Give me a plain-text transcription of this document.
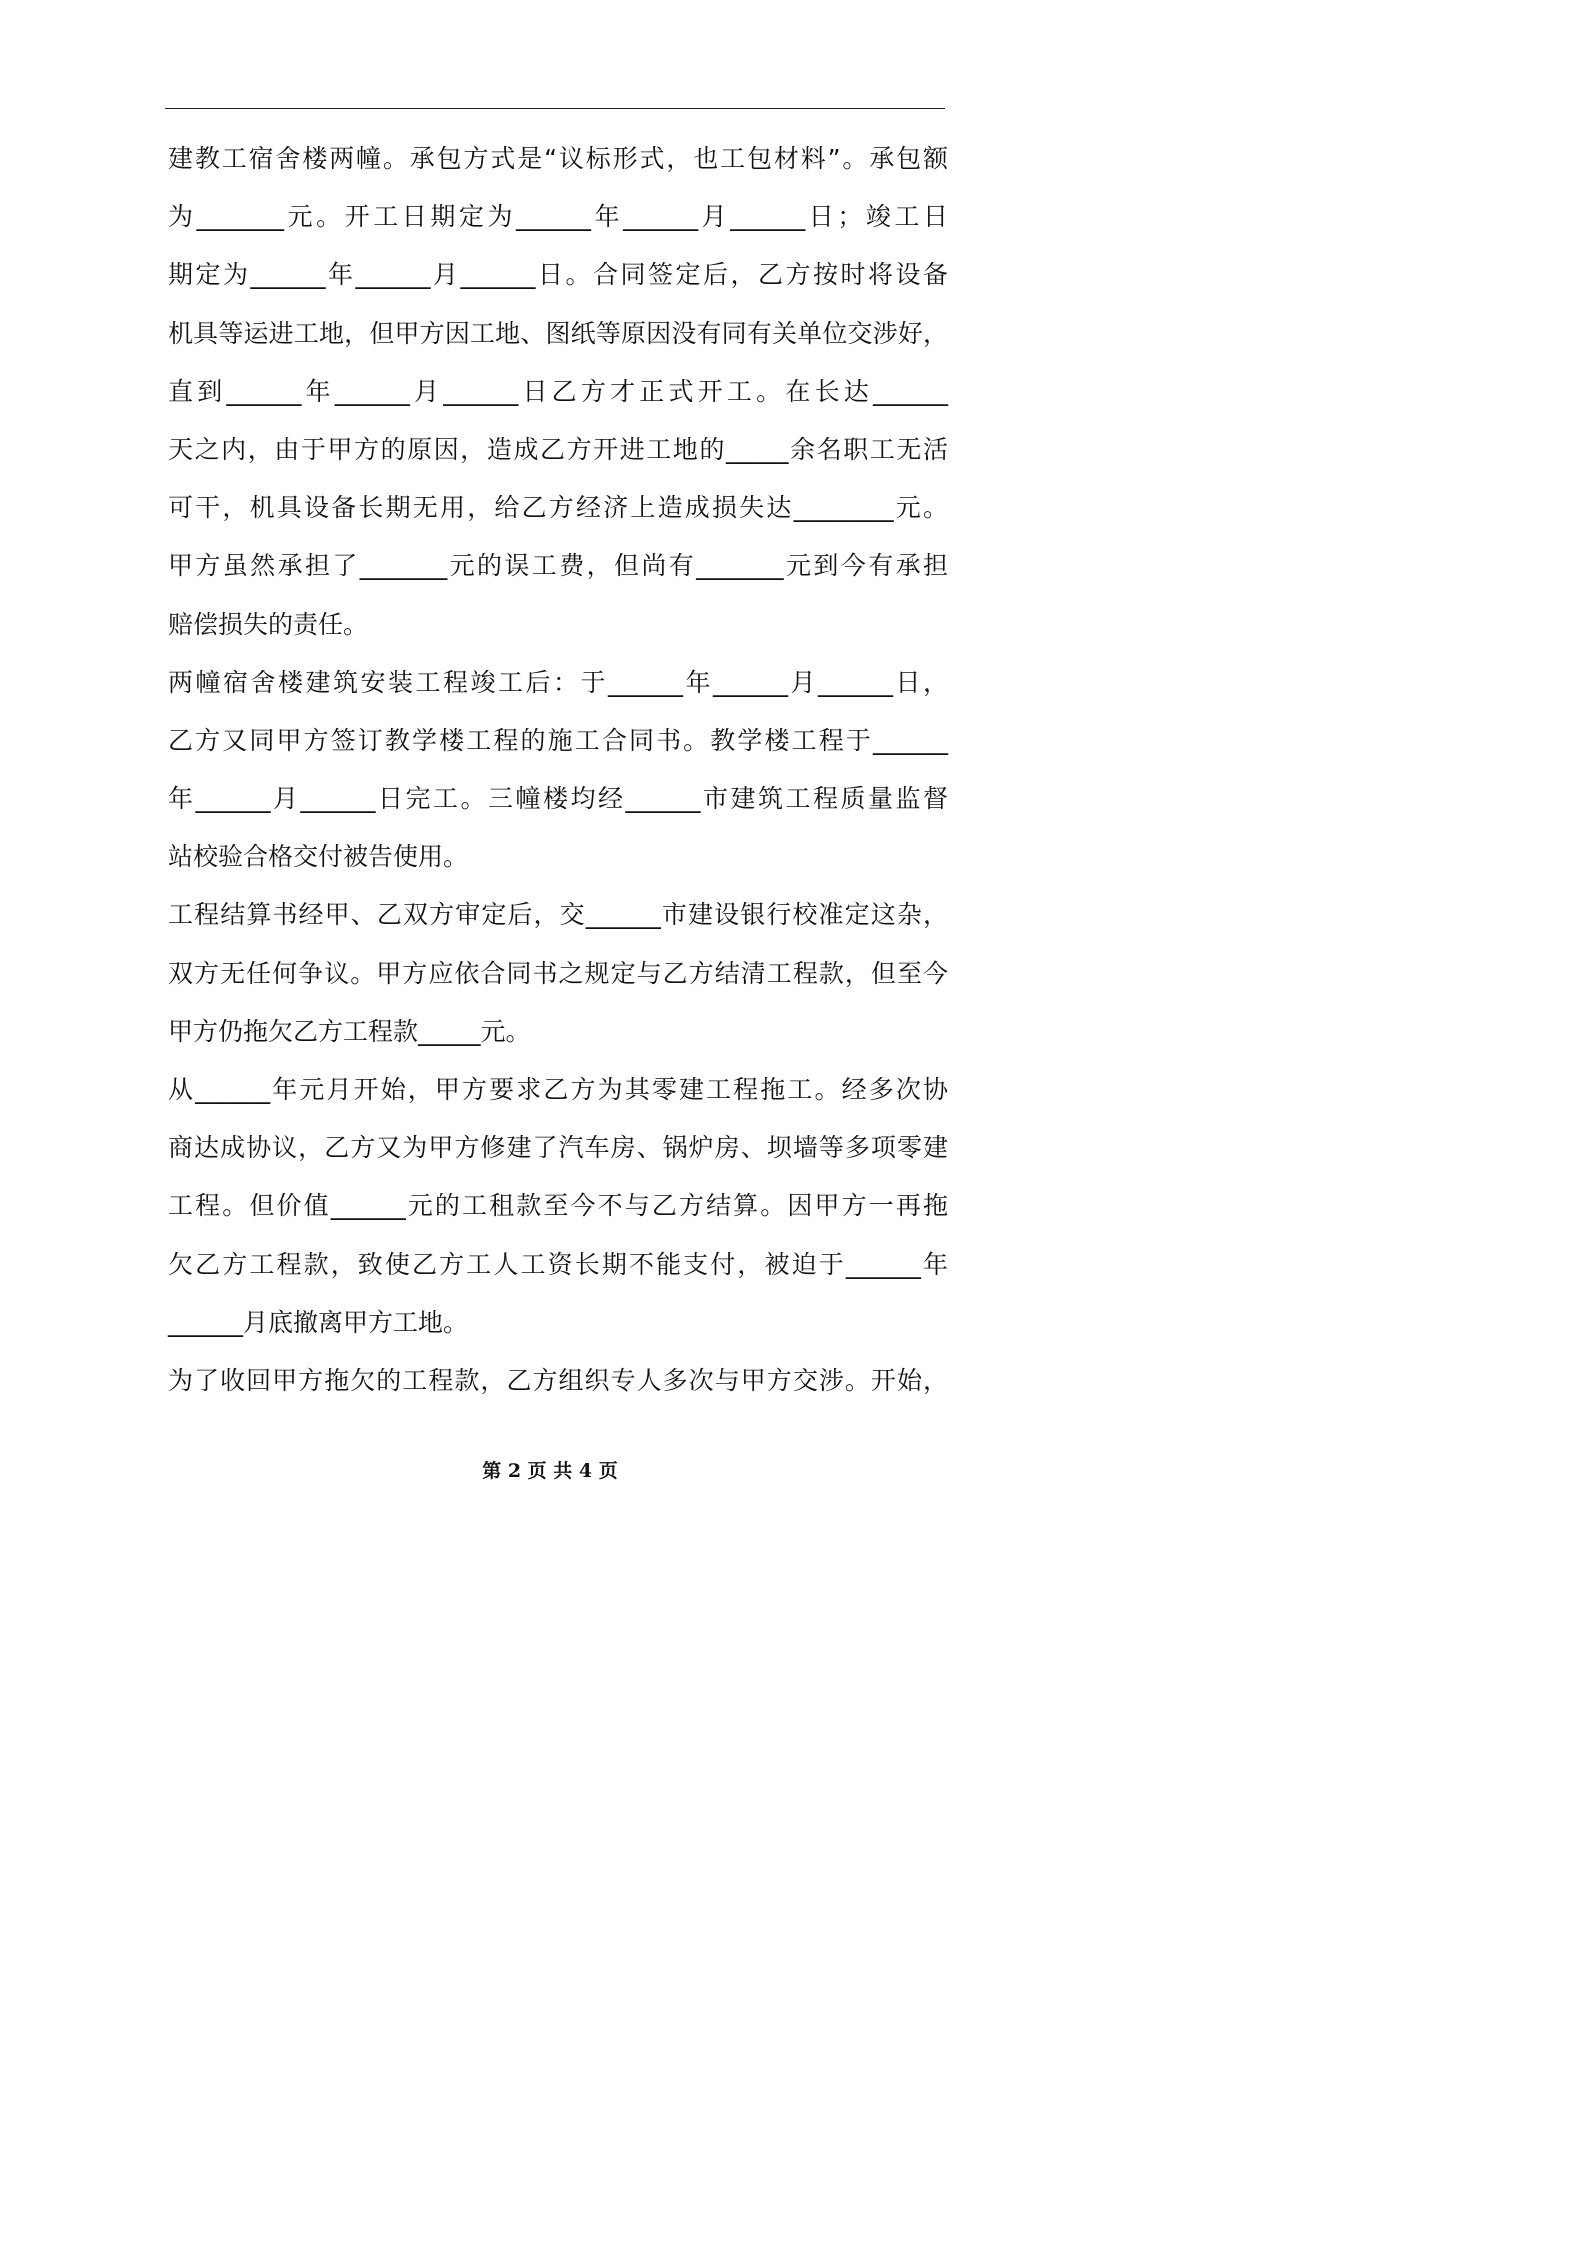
建教工宿舍楼两幢。承包方式是“议标形式，也工包材料”。承包额
为_______元。开工日期定为______年______月______日；竣工日
期定为______年______月______日。合同签定后，乙方按时将设备
机具等运进工地，但甲方因工地、图纸等原因没有同有关单位交涉好，
直到______年______月______日乙方才正式开工。在长达______
天之内，由于甲方的原因，造成乙方开进工地的_____余名职工无活
可干，机具设备长期无用，给乙方经济上造成损失达________元。
甲方虽然承担了_______元的误工费，但尚有_______元到今有承担
赔偿损失的责任。
两幢宿舍楼建筑安装工程竣工后：于______年______月______日，
乙方又同甲方签订教学楼工程的施工合同书。教学楼工程于______
年______月______日完工。三幢楼均经______市建筑工程质量监督
站校验合格交付被告使用。
工程结算书经甲、乙双方审定后，交______市建设银行校准定这杂，
双方无任何争议。甲方应依合同书之规定与乙方结清工程款，但至今
甲方仍拖欠乙方工程款_____元。
从______年元月开始，甲方要求乙方为其零建工程拖工。经多次协
商达成协议，乙方又为甲方修建了汽车房、锅炉房、坝墙等多项零建
工程。但价值______元的工租款至今不与乙方结算。因甲方一再拖
欠乙方工程款，致使乙方工人工资长期不能支付，被迫于______年
______月底撤离甲方工地。
为了收回甲方拖欠的工程款，乙方组织专人多次与甲方交涉。开始，
第 2 页 共 4 页
